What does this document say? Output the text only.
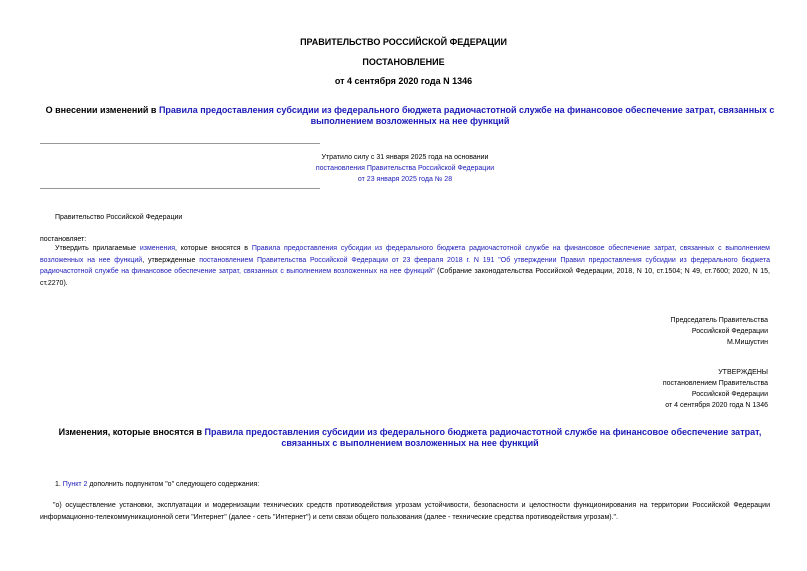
ПРАВИТЕЛЬСТВО РОССИЙСКОЙ ФЕДЕРАЦИИ
ПОСТАНОВЛЕНИЕ
от 4 сентября 2020 года N 1346
О внесении изменений в Правила предоставления субсидии из федерального бюджета радиочастотной службе на финансовое обеспечение затрат, связанных с выполнением возложенных на нее функций
Утратило силу с 31 января 2025 года на основании
постановления Правительства Российской Федерации
от 23 января 2025 года № 28
Правительство Российской Федерации
постановляет:
Утвердить прилагаемые изменения, которые вносятся в Правила предоставления субсидии из федерального бюджета радиочастотной службе на финансовое обеспечение затрат, связанных с выполнением возложенных на нее функций, утвержденные постановлением Правительства Российской Федерации от 23 февраля 2018 г. N 191 "Об утверждении Правил предоставления субсидии из федерального бюджета радиочастотной службе на финансовое обеспечение затрат, связанных с выполнением возложенных на нее функций" (Собрание законодательства Российской Федерации, 2018, N 10, ст.1504; N 49, ст.7600; 2020, N 15, ст.2270).
Председатель Правительства
Российской Федерации
М.Мишустин
УТВЕРЖДЕНЫ
постановлением Правительства
Российской Федерации
от 4 сентября 2020 года N 1346
Изменения, которые вносятся в Правила предоставления субсидии из федерального бюджета радиочастотной службе на финансовое обеспечение затрат, связанных с выполнением возложенных на нее функций
1. Пункт 2 дополнить подпунктом "о" следующего содержания:
"о) осуществление установки, эксплуатации и модернизации технических средств противодействия угрозам устойчивости, безопасности и целостности функционирования на территории Российской Федерации информационно-телекоммуникационной сети "Интернет" (далее - сеть "Интернет") и сети связи общего пользования (далее - технические средства противодействия угрозам).".
